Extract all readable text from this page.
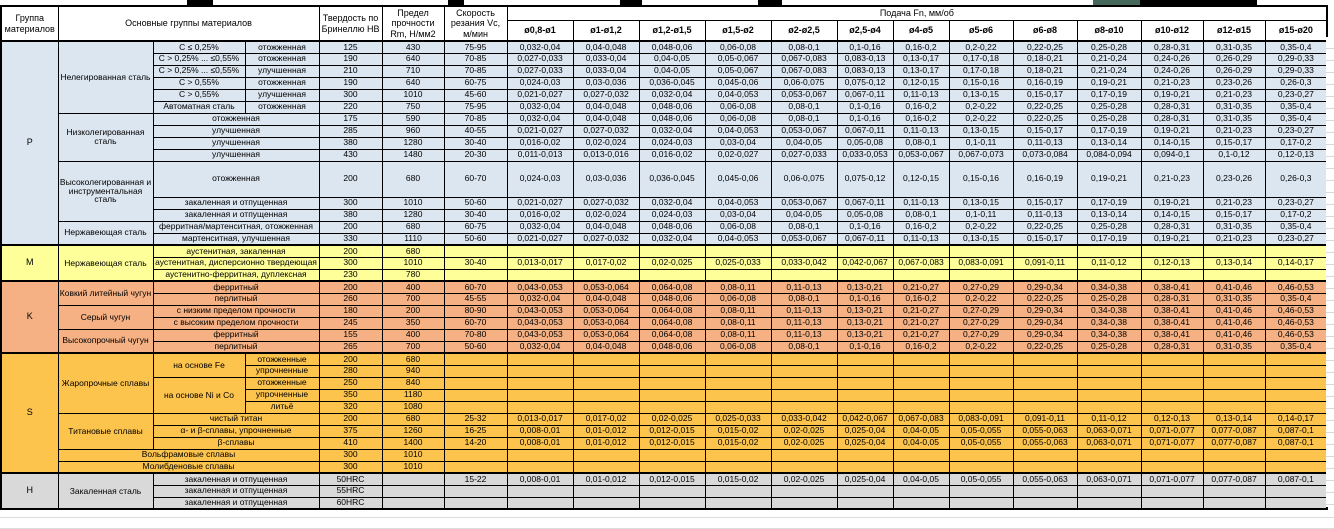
Группа материалов	Основные группы материалов			Твердость по Бринеллю HB	Предел прочности Rm, Н/мм2	Скорость резания Vc, м/мин	Подача Fn, мм/об												
							ø0,8-ø1	ø1-ø1,2	ø1,2-ø1,5	ø1,5-ø2	ø2-ø2,5	ø2,5-ø4	ø4-ø5	ø5-ø6	ø6-ø8	ø8-ø10	ø10-ø12	ø12-ø15	ø15-ø20
P	Нелегированная сталь	C ≤ 0,25%	отожженная	125	430	75-95	0,032-0,04	0,04-0,048	0,048-0,06	0,06-0,08	0,08-0,1	0,1-0,16	0,16-0,2	0,2-0,22	0,22-0,25	0,25-0,28	0,28-0,31	0,31-0,35	0,35-0,4
		C > 0,25% ... ≤0,55%	отожженная	190	640	70-85	0,027-0,033	0,033-0,04	0,04-0,05	0,05-0,067	0,067-0,083	0,083-0,13	0,13-0,17	0,17-0,18	0,18-0,21	0,21-0,24	0,24-0,26	0,26-0,29	0,29-0,33
		C > 0,25% ... ≤0,55%	улучшенная	210	710	70-85	0,027-0,033	0,033-0,04	0,04-0,05	0,05-0,067	0,067-0,083	0,083-0,13	0,13-0,17	0,17-0,18	0,18-0,21	0,21-0,24	0,24-0,26	0,26-0,29	0,29-0,33
		C > 0,55%	отожженная	190	640	60-75	0,024-0,03	0,03-0,036	0,036-0,045	0,045-0,06	0,06-0,075	0,075-0,12	0,12-0,15	0,15-0,16	0,16-0,19	0,19-0,21	0,21-0,23	0,23-0,26	0,26-0,3
		C > 0,55%	улучшенная	300	1010	45-60	0,021-0,027	0,027-0,032	0,032-0,04	0,04-0,053	0,053-0,067	0,067-0,11	0,11-0,13	0,13-0,15	0,15-0,17	0,17-0,19	0,19-0,21	0,21-0,23	0,23-0,27
		Автоматная сталь	отожженная	220	750	75-95	0,032-0,04	0,04-0,048	0,048-0,06	0,06-0,08	0,08-0,1	0,1-0,16	0,16-0,2	0,2-0,22	0,22-0,25	0,25-0,28	0,28-0,31	0,31-0,35	0,35-0,4
	Низколегированная сталь	отожженная		175	590	70-85	0,032-0,04	0,04-0,048	0,048-0,06	0,06-0,08	0,08-0,1	0,1-0,16	0,16-0,2	0,2-0,22	0,22-0,25	0,25-0,28	0,28-0,31	0,31-0,35	0,35-0,4
		улучшенная		285	960	40-55	0,021-0,027	0,027-0,032	0,032-0,04	0,04-0,053	0,053-0,067	0,067-0,11	0,11-0,13	0,13-0,15	0,15-0,17	0,17-0,19	0,19-0,21	0,21-0,23	0,23-0,27
		улучшенная		380	1280	30-40	0,016-0,02	0,02-0,024	0,024-0,03	0,03-0,04	0,04-0,05	0,05-0,08	0,08-0,1	0,1-0,11	0,11-0,13	0,13-0,14	0,14-0,15	0,15-0,17	0,17-0,2
		улучшенная		430	1480	20-30	0,011-0,013	0,013-0,016	0,016-0,02	0,02-0,027	0,027-0,033	0,033-0,053	0,053-0,067	0,067-0,073	0,073-0,084	0,084-0,094	0,094-0,1	0,1-0,12	0,12-0,13
	Высоколегированная и инструментальная сталь	отожженная		200	680	60-70	0,024-0,03	0,03-0,036	0,036-0,045	0,045-0,06	0,06-0,075	0,075-0,12	0,12-0,15	0,15-0,16	0,16-0,19	0,19-0,21	0,21-0,23	0,23-0,26	0,26-0,3
		закаленная и отпущенная		300	1010	50-60	0,021-0,027	0,027-0,032	0,032-0,04	0,04-0,053	0,053-0,067	0,067-0,11	0,11-0,13	0,13-0,15	0,15-0,17	0,17-0,19	0,19-0,21	0,21-0,23	0,23-0,27
		закаленная и отпущенная		380	1280	30-40	0,016-0,02	0,02-0,024	0,024-0,03	0,03-0,04	0,04-0,05	0,05-0,08	0,08-0,1	0,1-0,11	0,11-0,13	0,13-0,14	0,14-0,15	0,15-0,17	0,17-0,2
	Нержавеющая сталь	ферритная/мартенситная, отожженная		200	680	60-75	0,032-0,04	0,04-0,048	0,048-0,06	0,06-0,08	0,08-0,1	0,1-0,16	0,16-0,2	0,2-0,22	0,22-0,25	0,25-0,28	0,28-0,31	0,31-0,35	0,35-0,4
		мартенситная, улучшенная		330	1110	50-60	0,021-0,027	0,027-0,032	0,032-0,04	0,04-0,053	0,053-0,067	0,067-0,11	0,11-0,13	0,13-0,15	0,15-0,17	0,17-0,19	0,19-0,21	0,21-0,23	0,23-0,27
M	Нержавеющая сталь	аустенитная, закаленная		200	680														
		аустенитная, дисперсионно твердеющая		300	1010	30-40	0,013-0,017	0,017-0,02	0,02-0,025	0,025-0,033	0,033-0,042	0,042-0,067	0,067-0,083	0,083-0,091	0,091-0,11	0,11-0,12	0,12-0,13	0,13-0,14	0,14-0,17
		аустенитно-ферритная, дуплексная		230	780														
K	Ковкий литейный чугун	ферритный		200	400	60-70	0,043-0,053	0,053-0,064	0,064-0,08	0,08-0,11	0,11-0,13	0,13-0,21	0,21-0,27	0,27-0,29	0,29-0,34	0,34-0,38	0,38-0,41	0,41-0,46	0,46-0,53
		перлитный		260	700	45-55	0,032-0,04	0,04-0,048	0,048-0,06	0,06-0,08	0,08-0,1	0,1-0,16	0,16-0,2	0,2-0,22	0,22-0,25	0,25-0,28	0,28-0,31	0,31-0,35	0,35-0,4
	Серый чугун	с низким пределом прочности		180	200	80-90	0,043-0,053	0,053-0,064	0,064-0,08	0,08-0,11	0,11-0,13	0,13-0,21	0,21-0,27	0,27-0,29	0,29-0,34	0,34-0,38	0,38-0,41	0,41-0,46	0,46-0,53
		с высоким пределом прочности		245	350	60-70	0,043-0,053	0,053-0,064	0,064-0,08	0,08-0,11	0,11-0,13	0,13-0,21	0,21-0,27	0,27-0,29	0,29-0,34	0,34-0,38	0,38-0,41	0,41-0,46	0,46-0,53
	Высокопрочный чугун	ферритный		155	400	70-80	0,043-0,053	0,053-0,064	0,064-0,08	0,08-0,11	0,11-0,13	0,13-0,21	0,21-0,27	0,27-0,29	0,29-0,34	0,34-0,38	0,38-0,41	0,41-0,46	0,46-0,53
		перлитный		265	700	50-60	0,032-0,04	0,04-0,048	0,048-0,06	0,06-0,08	0,08-0,1	0,1-0,16	0,16-0,2	0,2-0,22	0,22-0,25	0,25-0,28	0,28-0,31	0,31-0,35	0,35-0,4
S	Жаропрочные сплавы	на основе Fe	отожженные	200	680														
			упрочненные	280	940														
		на основе Ni и Co	отожженные	250	840														
			упрочненные	350	1180														
			литьё	320	1080														
	Титановые сплавы	чистый титан		200	680	25-32	0,013-0,017	0,017-0,02	0,02-0,025	0,025-0,033	0,033-0,042	0,042-0,067	0,067-0,083	0,083-0,091	0,091-0,11	0,11-0,12	0,12-0,13	0,13-0,14	0,14-0,17
		α- и β-сплавы, упрочненные		375	1260	16-25	0,008-0,01	0,01-0,012	0,012-0,015	0,015-0,02	0,02-0,025	0,025-0,04	0,04-0,05	0,05-0,055	0,055-0,063	0,063-0,071	0,071-0,077	0,077-0,087	0,087-0,1
		β-сплавы		410	1400	14-20	0,008-0,01	0,01-0,012	0,012-0,015	0,015-0,02	0,02-0,025	0,025-0,04	0,04-0,05	0,05-0,055	0,055-0,063	0,063-0,071	0,071-0,077	0,077-0,087	0,087-0,1
	Вольфрамовые сплавы			300	1010														
	Молибденовые сплавы			300	1010														
H	Закаленная сталь	закаленная и отпущенная		50HRC		15-22	0,008-0,01	0,01-0,012	0,012-0,015	0,015-0,02	0,02-0,025	0,025-0,04	0,04-0,05	0,05-0,055	0,055-0,063	0,063-0,071	0,071-0,077	0,077-0,087	0,087-0,1
		закаленная и отпущенная		55HRC															
		закаленная и отпущенная		60HRC															
